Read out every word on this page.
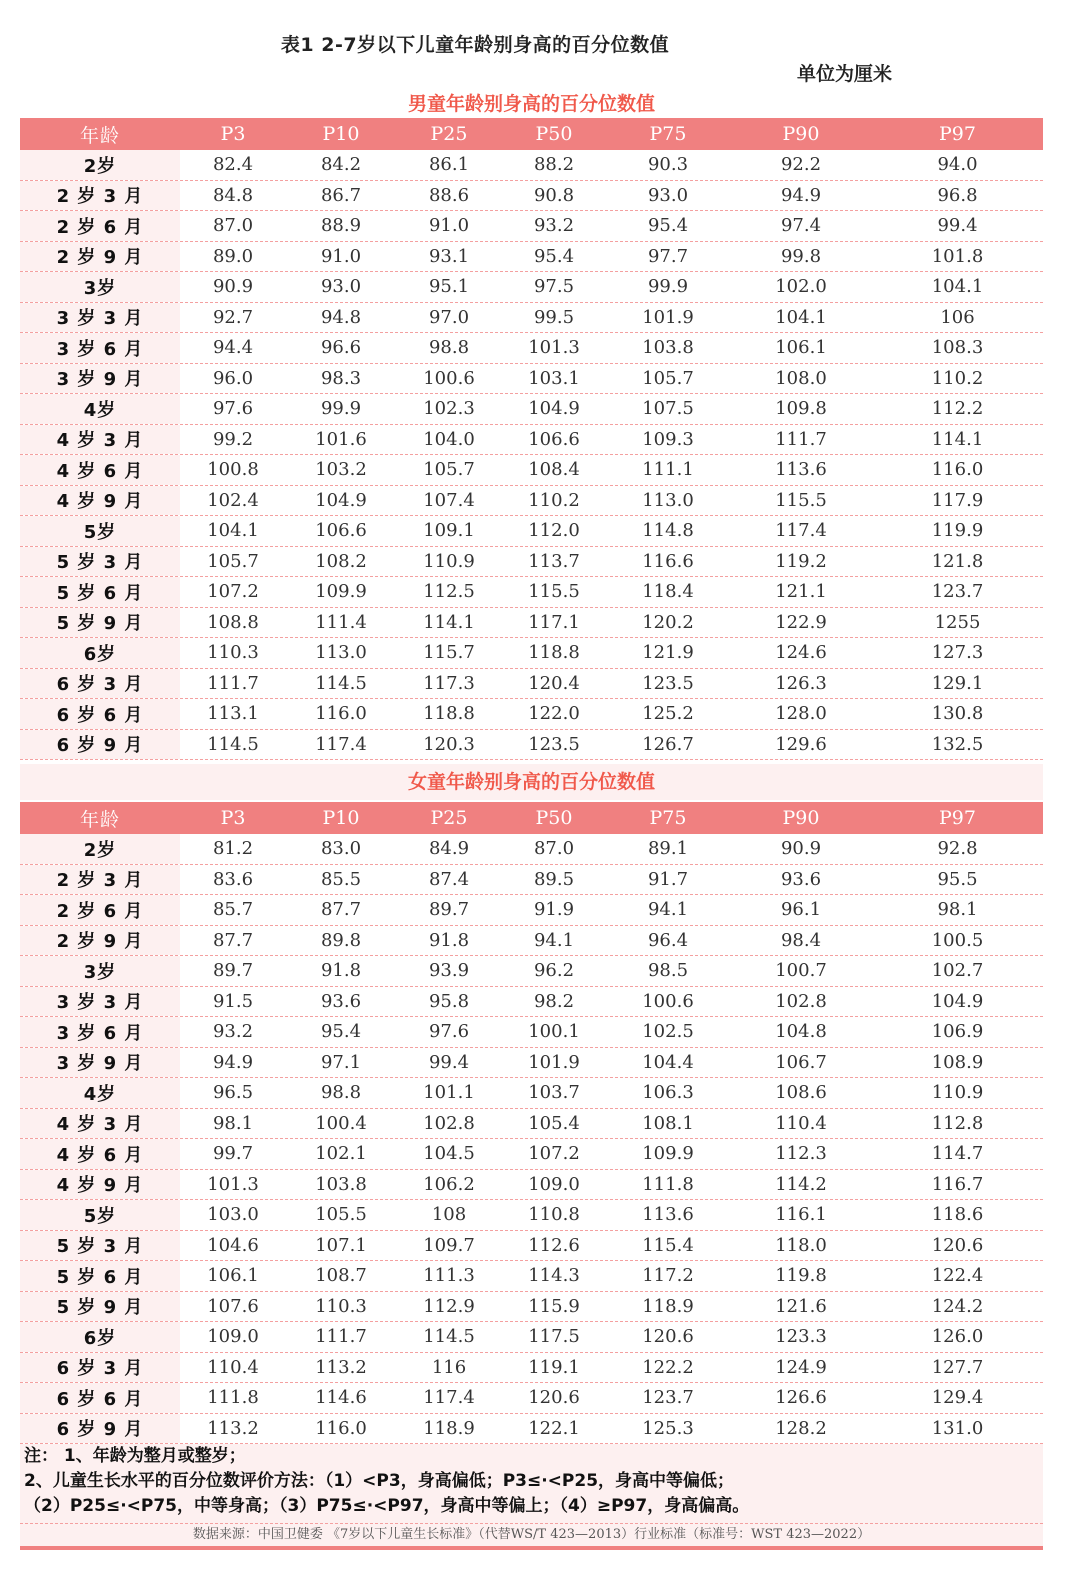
表1 2-7岁以下儿童年龄别身高的百分位数值
单位为厘米
男童年龄别身高的百分位数值
年龄	P3	P10	P25	P50	P75	P90	P97
2岁	82.4	84.2	86.1	88.2	90.3	92.2	94.0
2 岁 3 月	84.8	86.7	88.6	90.8	93.0	94.9	96.8
2 岁 6 月	87.0	88.9	91.0	93.2	95.4	97.4	99.4
2 岁 9 月	89.0	91.0	93.1	95.4	97.7	99.8	101.8
3岁	90.9	93.0	95.1	97.5	99.9	102.0	104.1
3 岁 3 月	92.7	94.8	97.0	99.5	101.9	104.1	106
3 岁 6 月	94.4	96.6	98.8	101.3	103.8	106.1	108.3
3 岁 9 月	96.0	98.3	100.6	103.1	105.7	108.0	110.2
4岁	97.6	99.9	102.3	104.9	107.5	109.8	112.2
4 岁 3 月	99.2	101.6	104.0	106.6	109.3	111.7	114.1
4 岁 6 月	100.8	103.2	105.7	108.4	111.1	113.6	116.0
4 岁 9 月	102.4	104.9	107.4	110.2	113.0	115.5	117.9
5岁	104.1	106.6	109.1	112.0	114.8	117.4	119.9
5 岁 3 月	105.7	108.2	110.9	113.7	116.6	119.2	121.8
5 岁 6 月	107.2	109.9	112.5	115.5	118.4	121.1	123.7
5 岁 9 月	108.8	111.4	114.1	117.1	120.2	122.9	1255
6岁	110.3	113.0	115.7	118.8	121.9	124.6	127.3
6 岁 3 月	111.7	114.5	117.3	120.4	123.5	126.3	129.1
6 岁 6 月	113.1	116.0	118.8	122.0	125.2	128.0	130.8
6 岁 9 月	114.5	117.4	120.3	123.5	126.7	129.6	132.5
女童年龄别身高的百分位数值
年龄	P3	P10	P25	P50	P75	P90	P97
2岁	81.2	83.0	84.9	87.0	89.1	90.9	92.8
2 岁 3 月	83.6	85.5	87.4	89.5	91.7	93.6	95.5
2 岁 6 月	85.7	87.7	89.7	91.9	94.1	96.1	98.1
2 岁 9 月	87.7	89.8	91.8	94.1	96.4	98.4	100.5
3岁	89.7	91.8	93.9	96.2	98.5	100.7	102.7
3 岁 3 月	91.5	93.6	95.8	98.2	100.6	102.8	104.9
3 岁 6 月	93.2	95.4	97.6	100.1	102.5	104.8	106.9
3 岁 9 月	94.9	97.1	99.4	101.9	104.4	106.7	108.9
4岁	96.5	98.8	101.1	103.7	106.3	108.6	110.9
4 岁 3 月	98.1	100.4	102.8	105.4	108.1	110.4	112.8
4 岁 6 月	99.7	102.1	104.5	107.2	109.9	112.3	114.7
4 岁 9 月	101.3	103.8	106.2	109.0	111.8	114.2	116.7
5岁	103.0	105.5	108	110.8	113.6	116.1	118.6
5 岁 3 月	104.6	107.1	109.7	112.6	115.4	118.0	120.6
5 岁 6 月	106.1	108.7	111.3	114.3	117.2	119.8	122.4
5 岁 9 月	107.6	110.3	112.9	115.9	118.9	121.6	124.2
6岁	109.0	111.7	114.5	117.5	120.6	123.3	126.0
6 岁 3 月	110.4	113.2	116	119.1	122.2	124.9	127.7
6 岁 6 月	111.8	114.6	117.4	120.6	123.7	126.6	129.4
6 岁 9 月	113.2	116.0	118.9	122.1	125.3	128.2	131.0
注： 1、年龄为整月或整岁；
2、儿童生长水平的百分位数评价方法：（1）<P3，身高偏低；P3≤·<P25，身高中等偏低；
（2）P25≤·<P75，中等身高；（3）P75≤·<P97，身高中等偏上；（4）≥P97，身高偏高。
数据来源：中国卫健委 《7岁以下儿童生长标准》（代替WS/T 423—2013）行业标准（标准号：WST 423—2022）
